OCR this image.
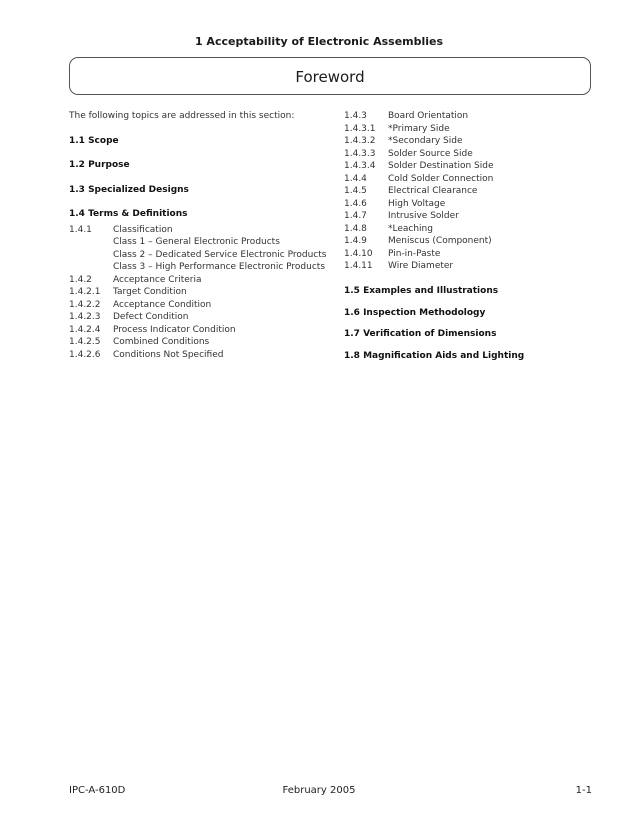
1 Acceptability of Electronic Assemblies
Foreword
The following topics are addressed in this section:
1.1 Scope
1.2 Purpose
1.3 Specialized Designs
1.4 Terms & Definitions
1.4.1	Classification
Class 1 – General Electronic Products
Class 2 – Dedicated Service Electronic Products
Class 3 – High Performance Electronic Products
1.4.2	Acceptance Criteria
1.4.2.1	Target Condition
1.4.2.2	Acceptance Condition
1.4.2.3	Defect Condition
1.4.2.4	Process Indicator Condition
1.4.2.5	Combined Conditions
1.4.2.6	Conditions Not Specified
1.4.3	Board Orientation
1.4.3.1	*Primary Side
1.4.3.2	*Secondary Side
1.4.3.3	Solder Source Side
1.4.3.4	Solder Destination Side
1.4.4	Cold Solder Connection
1.4.5	Electrical Clearance
1.4.6	High Voltage
1.4.7	Intrusive Solder
1.4.8	*Leaching
1.4.9	Meniscus (Component)
1.4.10	Pin-in-Paste
1.4.11	Wire Diameter
1.5 Examples and Illustrations
1.6 Inspection Methodology
1.7 Verification of Dimensions
1.8 Magnification Aids and Lighting
IPC-A-610D	February 2005	1-1
